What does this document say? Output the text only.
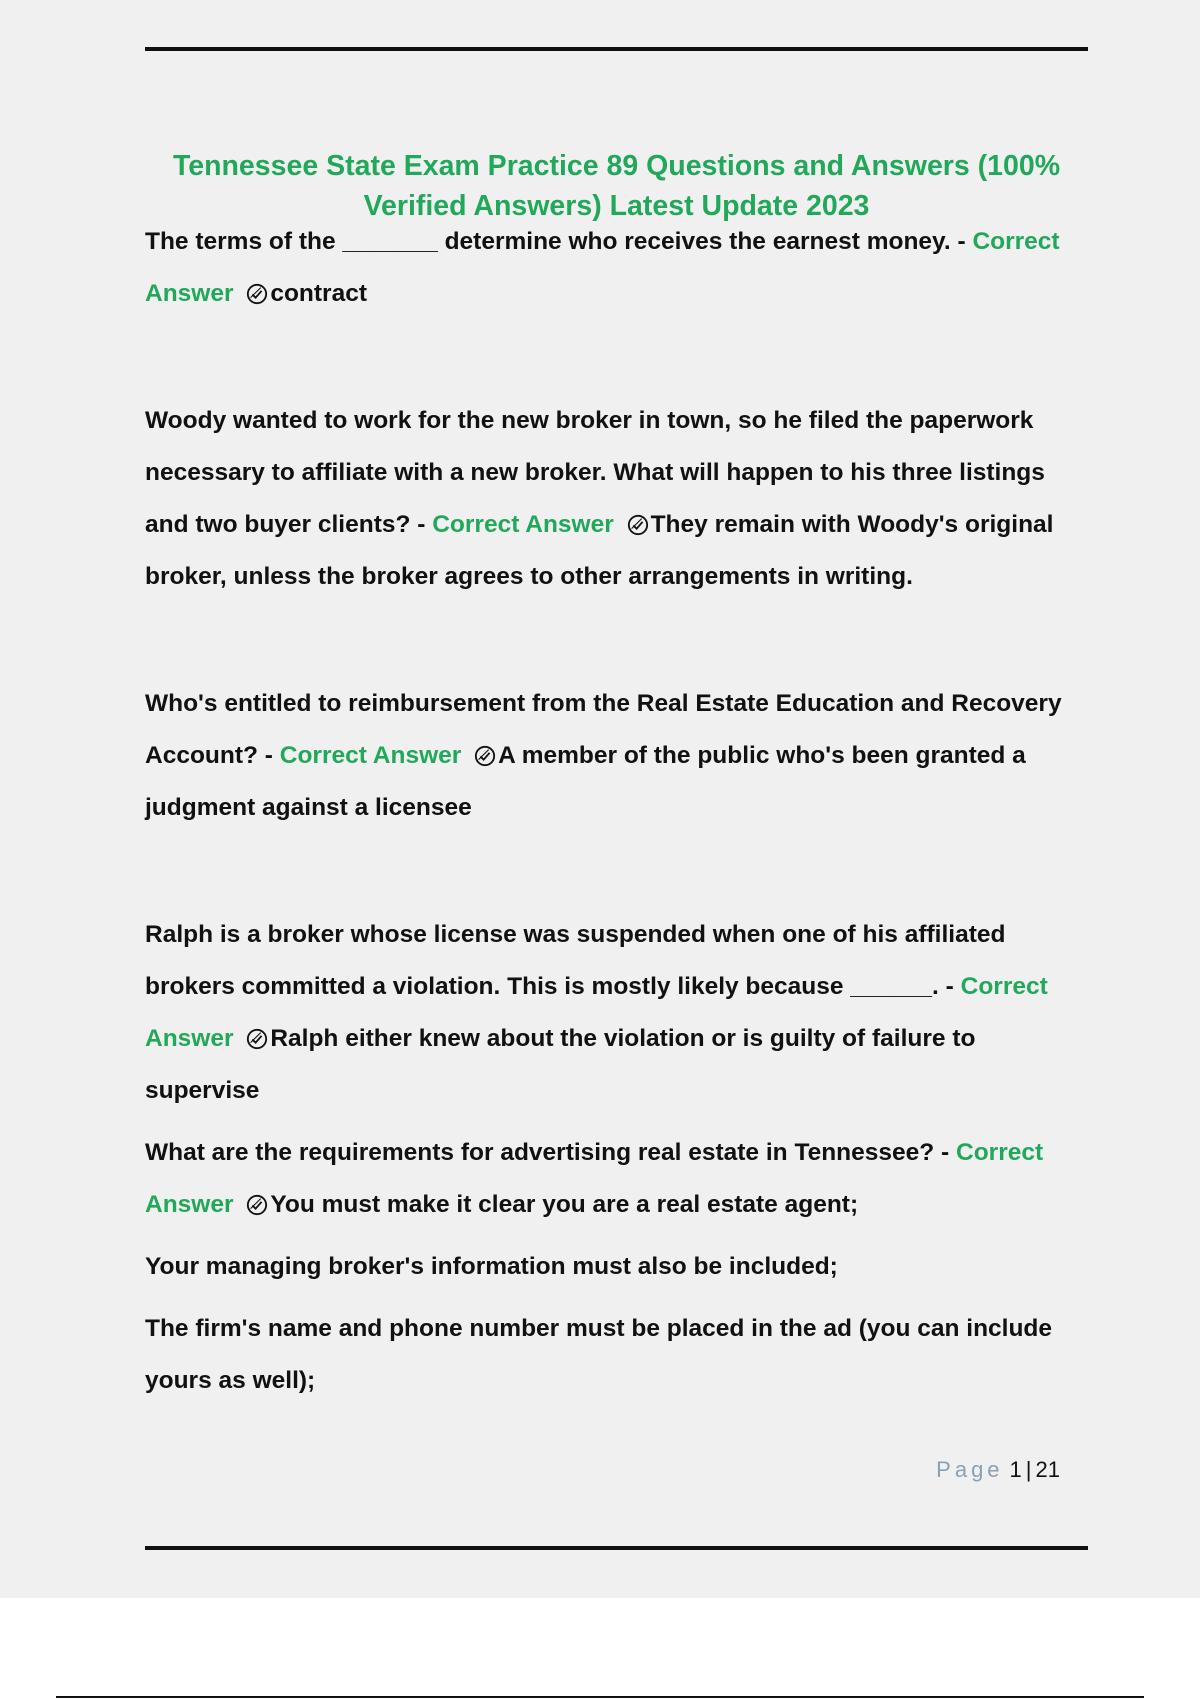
Tennessee State Exam Practice 89 Questions and Answers (100% Verified Answers) Latest Update 2023

The terms of the _______ determine who receives the earnest money. - Correct Answer contract

Woody wanted to work for the new broker in town, so he filed the paperwork necessary to affiliate with a new broker. What will happen to his three listings and two buyer clients? - Correct Answer They remain with Woody's original broker, unless the broker agrees to other arrangements in writing.

Who's entitled to reimbursement from the Real Estate Education and Recovery Account? - Correct Answer A member of the public who's been granted a judgment against a licensee

Ralph is a broker whose license was suspended when one of his affiliated brokers committed a violation. This is mostly likely because ______. - Correct Answer Ralph either knew about the violation or is guilty of failure to supervise

What are the requirements for advertising real estate in Tennessee? - Correct Answer You must make it clear you are a real estate agent;

Your managing broker's information must also be included;

The firm's name and phone number must be placed in the ad (you can include yours as well);

Page 1 | 21
